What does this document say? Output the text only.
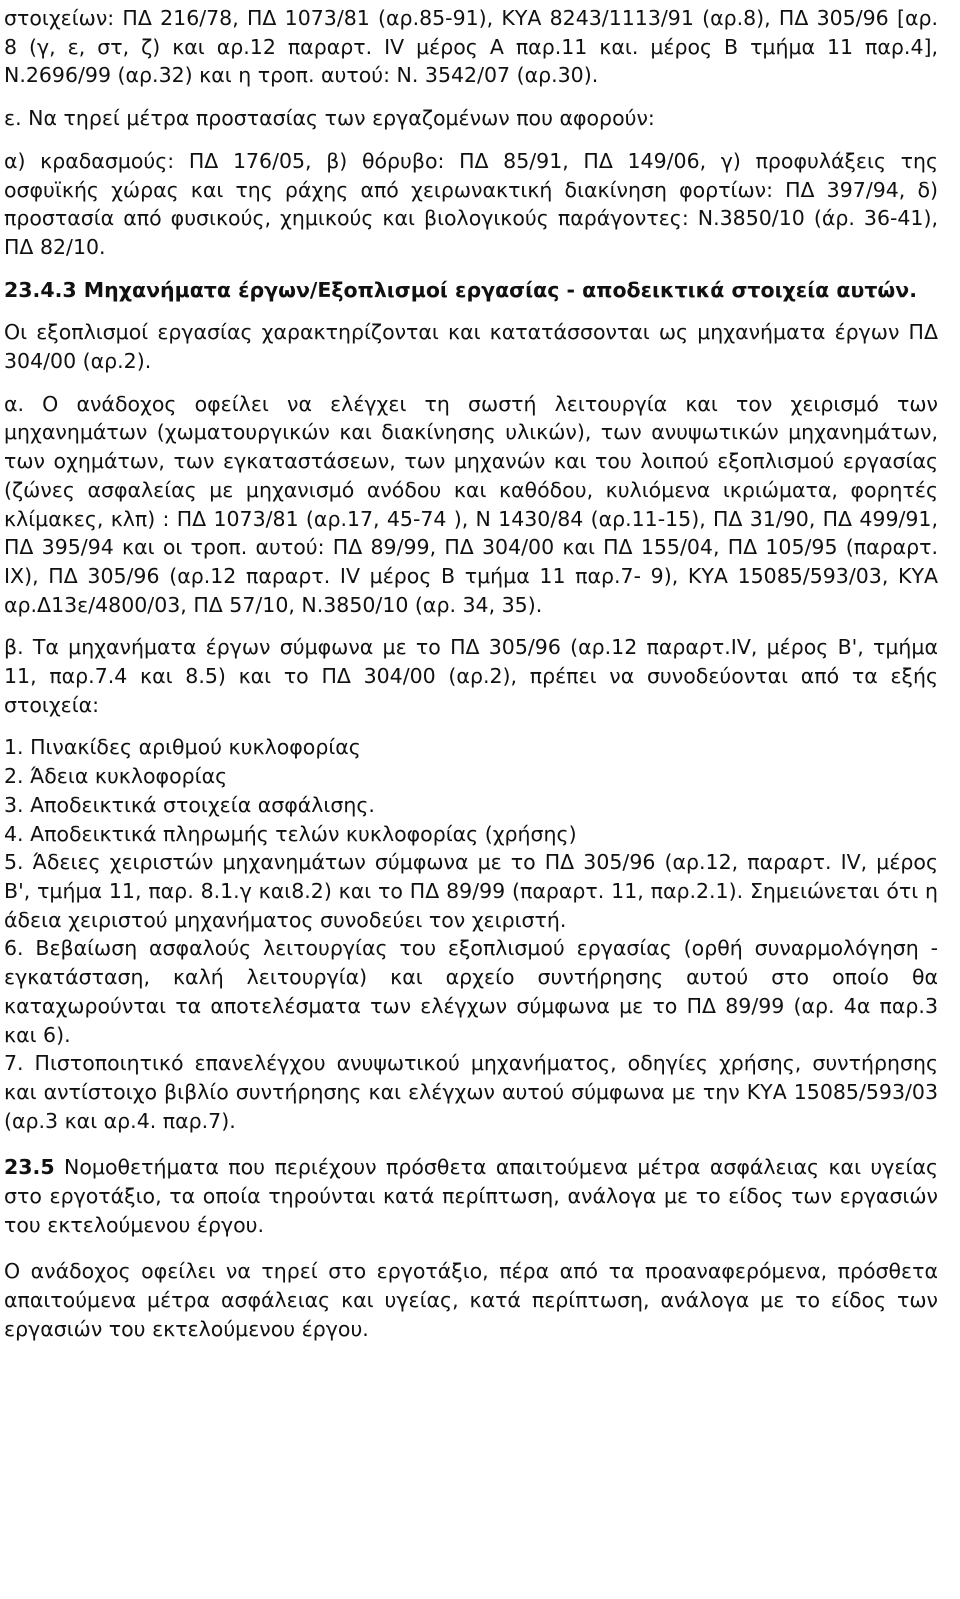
στοιχείων: ΠΔ 216/78, ΠΔ 1073/81 (αρ.85-91), ΚΥΑ 8243/1113/91 (αρ.8), ΠΔ 305/96 [αρ. 8 (γ, ε, στ, ζ) και αρ.12 παραρτ. IV μέρος Α παρ.11 και. μέρος Β τμήμα 11 παρ.4], Ν.2696/99 (αρ.32) και η τροπ. αυτού: Ν. 3542/07 (αρ.30).

ε. Να τηρεί μέτρα προστασίας των εργαζομένων που αφορούν:

α) κραδασμούς: ΠΔ 176/05, β) θόρυβο: ΠΔ 85/91, ΠΔ 149/06, γ) προφυλάξεις της οσφυϊκής χώρας και της ράχης από χειρωνακτική διακίνηση φορτίων: ΠΔ 397/94, δ) προστασία από φυσικούς, χημικούς και βιολογικούς παράγοντες: Ν.3850/10 (άρ. 36-41), ΠΔ 82/10.

23.4.3 Μηχανήματα έργων/Εξοπλισμοί εργασίας - αποδεικτικά στοιχεία αυτών.

Οι εξοπλισμοί εργασίας χαρακτηρίζονται και κατατάσσονται ως μηχανήματα έργων ΠΔ 304/00 (αρ.2).

α. Ο ανάδοχος οφείλει να ελέγχει τη σωστή λειτουργία και τον χειρισμό των μηχανημάτων (χωματουργικών και διακίνησης υλικών), των ανυψωτικών μηχανημάτων, των οχημάτων, των εγκαταστάσεων, των μηχανών και του λοιπού εξοπλισμού εργασίας (ζώνες ασφαλείας με μηχανισμό ανόδου και καθόδου, κυλιόμενα ικριώματα, φορητές κλίμακες, κλπ) : ΠΔ 1073/81 (αρ.17, 45-74 ), Ν 1430/84 (αρ.11-15), ΠΔ 31/90, ΠΔ 499/91, ΠΔ 395/94 και οι τροπ. αυτού: ΠΔ 89/99, ΠΔ 304/00 και ΠΔ 155/04, ΠΔ 105/95 (παραρτ. ΙΧ), ΠΔ 305/96 (αρ.12 παραρτ. IV μέρος Β τμήμα 11 παρ.7- 9), ΚΥΑ 15085/593/03, ΚΥΑ αρ.Δ13ε/4800/03, ΠΔ 57/10, Ν.3850/10 (αρ. 34, 35).

β. Τα μηχανήματα έργων σύμφωνα με το ΠΔ 305/96 (αρ.12 παραρτ.IV, μέρος Β', τμήμα 11, παρ.7.4 και 8.5) και το ΠΔ 304/00 (αρ.2), πρέπει να συνοδεύονται από τα εξής στοιχεία:

1. Πινακίδες αριθμού κυκλοφορίας

2. Άδεια κυκλοφορίας

3. Αποδεικτικά στοιχεία ασφάλισης.

4. Αποδεικτικά πληρωμής τελών κυκλοφορίας (χρήσης)

5. Άδειες χειριστών μηχανημάτων σύμφωνα με το ΠΔ 305/96 (αρ.12, παραρτ. IV, μέρος Β', τμήμα 11, παρ. 8.1.γ και8.2) και το ΠΔ 89/99 (παραρτ. 11, παρ.2.1). Σημειώνεται ότι η άδεια χειριστού μηχανήματος συνοδεύει τον χειριστή.

6. Βεβαίωση ασφαλούς λειτουργίας του εξοπλισμού εργασίας (ορθή συναρμολόγηση - εγκατάσταση, καλή λειτουργία) και αρχείο συντήρησης αυτού στο οποίο θα καταχωρούνται τα αποτελέσματα των ελέγχων σύμφωνα με το ΠΔ 89/99 (αρ. 4α παρ.3 και 6).

7. Πιστοποιητικό επανελέγχου ανυψωτικού μηχανήματος, οδηγίες χρήσης, συντήρησης και αντίστοιχο βιβλίο συντήρησης και ελέγχων αυτού σύμφωνα με την ΚΥΑ 15085/593/03 (αρ.3 και αρ.4. παρ.7).

23.5 Νομοθετήματα που περιέχουν πρόσθετα απαιτούμενα μέτρα ασφάλειας και υγείας στο εργοτάξιο, τα οποία τηρούνται κατά περίπτωση, ανάλογα με το είδος των εργασιών του εκτελούμενου έργου.

Ο ανάδοχος οφείλει να τηρεί στο εργοτάξιο, πέρα από τα προαναφερόμενα, πρόσθετα απαιτούμενα μέτρα ασφάλειας και υγείας, κατά περίπτωση, ανάλογα με το είδος των εργασιών του εκτελούμενου έργου.
